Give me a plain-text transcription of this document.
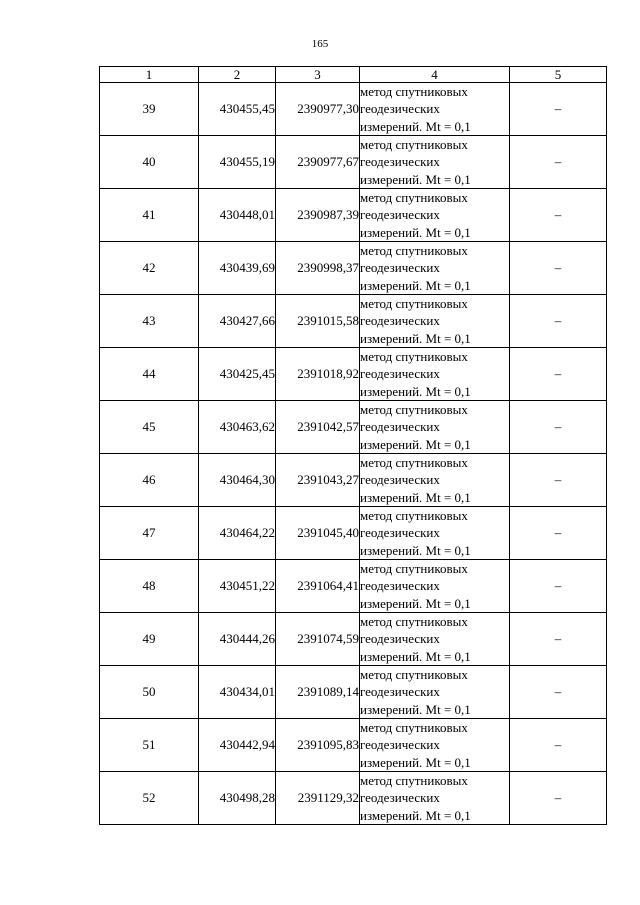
165
1	2	3	4	5
39	430455,45	2390977,30	метод спутниковых
геодезических
измерений. Mt = 0,1	–
40	430455,19	2390977,67	метод спутниковых
геодезических
измерений. Mt = 0,1	–
41	430448,01	2390987,39	метод спутниковых
геодезических
измерений. Mt = 0,1	–
42	430439,69	2390998,37	метод спутниковых
геодезических
измерений. Mt = 0,1	–
43	430427,66	2391015,58	метод спутниковых
геодезических
измерений. Mt = 0,1	–
44	430425,45	2391018,92	метод спутниковых
геодезических
измерений. Mt = 0,1	–
45	430463,62	2391042,57	метод спутниковых
геодезических
измерений. Mt = 0,1	–
46	430464,30	2391043,27	метод спутниковых
геодезических
измерений. Mt = 0,1	–
47	430464,22	2391045,40	метод спутниковых
геодезических
измерений. Mt = 0,1	–
48	430451,22	2391064,41	метод спутниковых
геодезических
измерений. Mt = 0,1	–
49	430444,26	2391074,59	метод спутниковых
геодезических
измерений. Mt = 0,1	–
50	430434,01	2391089,14	метод спутниковых
геодезических
измерений. Mt = 0,1	–
51	430442,94	2391095,83	метод спутниковых
геодезических
измерений. Mt = 0,1	–
52	430498,28	2391129,32	метод спутниковых
геодезических
измерений. Mt = 0,1	–
